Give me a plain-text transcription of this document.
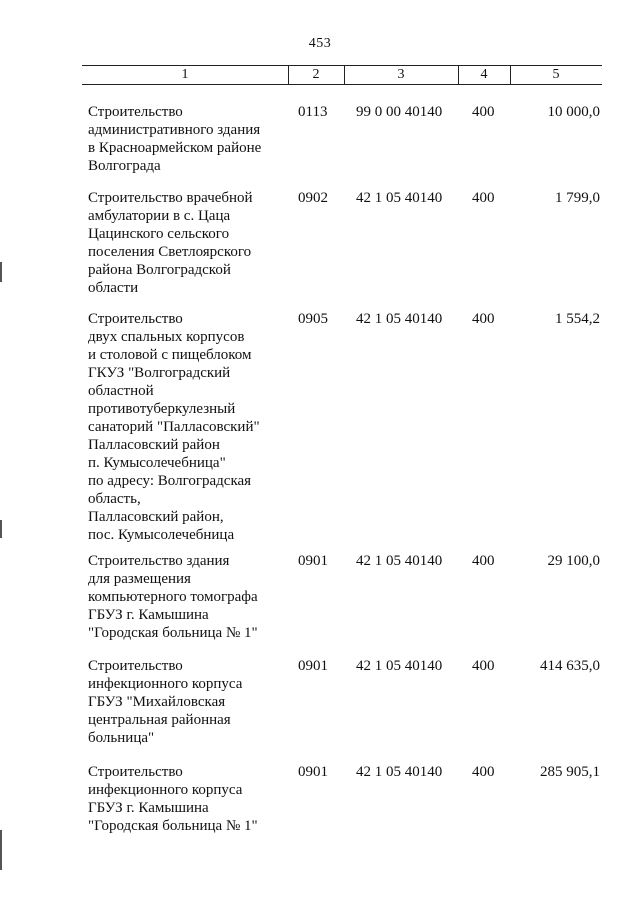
453
1	2	3	4	5
Строительство
административного здания
в Красноармейском районе
Волгограда
0113	99 0 00 40140	400	10 000,0
Строительство врачебной
амбулатории в с. Цаца
Цацинского сельского
поселения Светлоярского
района Волгоградской
области
0902	42 1 05 40140	400	1 799,0
Строительство
двух спальных корпусов
и столовой с пищеблоком
ГКУЗ "Волгоградский
областной
противотуберкулезный
санаторий "Палласовский"
Палласовский район
п. Кумысолечебница"
по адресу: Волгоградская
область,
Палласовский район,
пос. Кумысолечебница
0905	42 1 05 40140	400	1 554,2
Строительство здания
для размещения
компьютерного томографа
ГБУЗ г. Камышина
"Городская больница № 1"
0901	42 1 05 40140	400	29 100,0
Строительство
инфекционного корпуса
ГБУЗ "Михайловская
центральная районная
больница"
0901	42 1 05 40140	400	414 635,0
Строительство
инфекционного корпуса
ГБУЗ г. Камышина
"Городская больница № 1"
0901	42 1 05 40140	400	285 905,1
